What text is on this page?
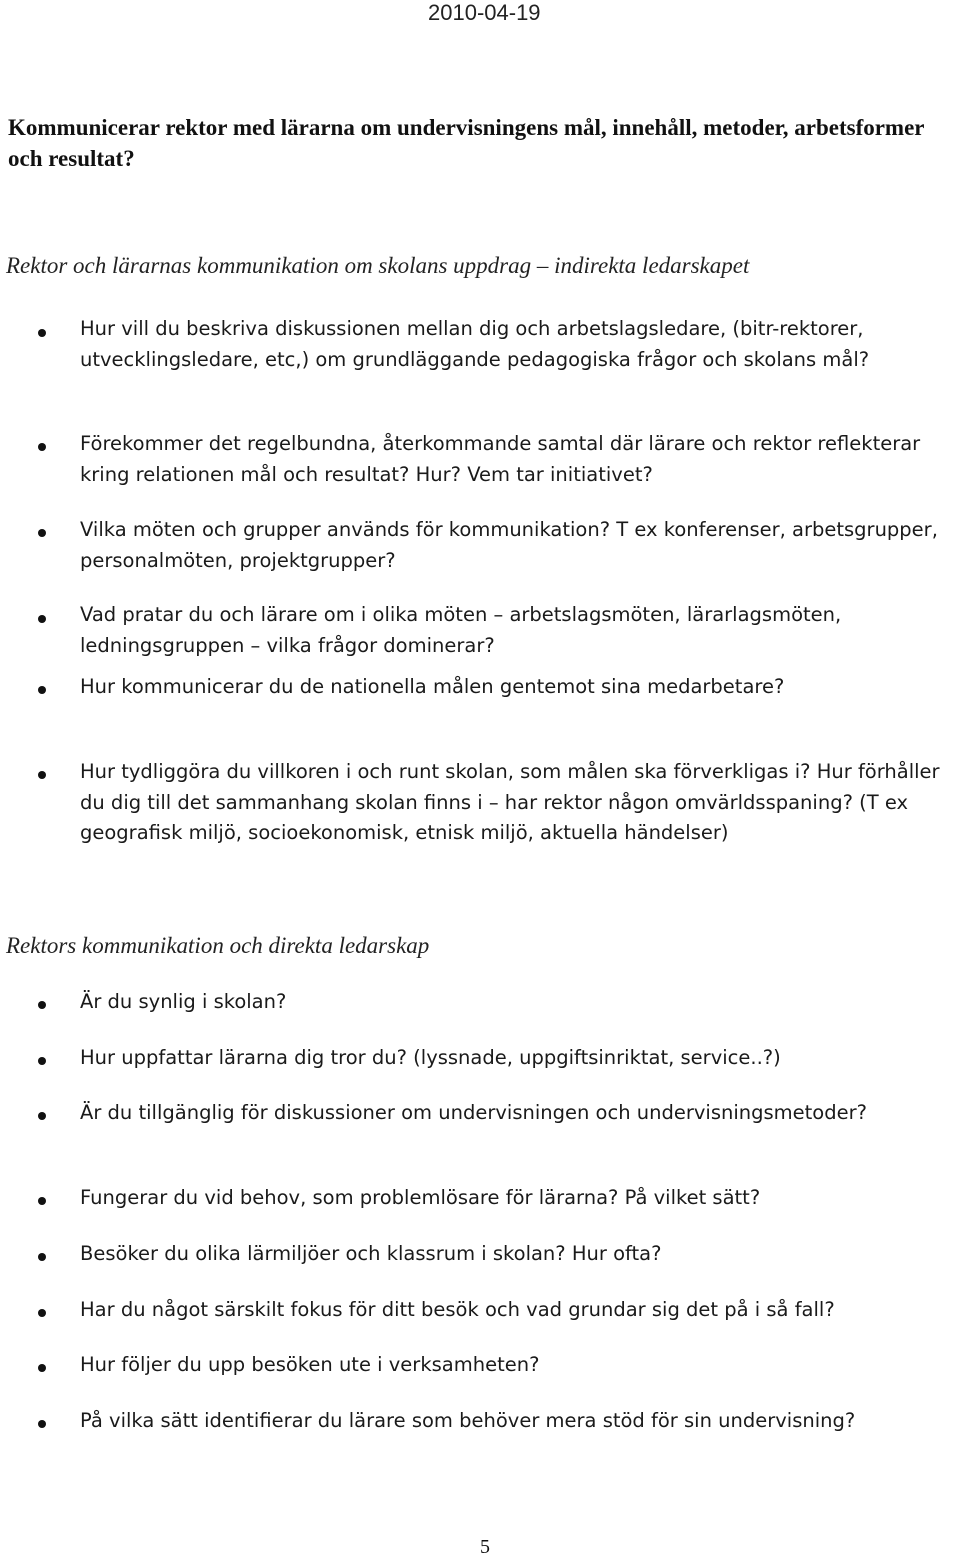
2010-04-19
Kommunicerar rektor med lärarna om undervisningens mål, innehåll, metoder, arbetsformer och resultat?
Rektor och lärarnas kommunikation om skolans uppdrag – indirekta ledarskapet
Hur vill du beskriva diskussionen mellan dig och arbetslagsledare, (bitr-rektorer, utvecklingsledare, etc,) om grundläggande pedagogiska frågor och skolans mål?
Förekommer det regelbundna, återkommande samtal där lärare och rektor reflekterar kring relationen mål och resultat? Hur? Vem tar initiativet?
Vilka möten och grupper används för kommunikation? T ex konferenser, arbetsgrupper, personalmöten, projektgrupper?
Vad pratar du och lärare om i olika möten – arbetslagsmöten, lärarlagsmöten, ledningsgruppen – vilka frågor dominerar?
Hur kommunicerar du de nationella målen gentemot sina medarbetare?
Hur tydliggöra du villkoren i och runt skolan, som målen ska förverkligas i? Hur förhåller du dig till det sammanhang skolan finns i – har rektor någon omvärldsspaning? (T ex geografisk miljö, socioekonomisk, etnisk miljö, aktuella händelser)
Rektors kommunikation och direkta ledarskap
Är du synlig i skolan?
Hur uppfattar lärarna dig tror du? (lyssnade, uppgiftsinriktat, service..?)
Är du tillgänglig för diskussioner om undervisningen och undervisningsmetoder?
Fungerar du vid behov, som problemlösare för lärarna? På vilket sätt?
Besöker du olika lärmiljöer och klassrum i skolan? Hur ofta?
Har du något särskilt fokus för ditt besök och vad grundar sig det på i så fall?
Hur följer du upp besöken ute i verksamheten?
På vilka sätt identifierar du lärare som behöver mera stöd för sin undervisning?
5
